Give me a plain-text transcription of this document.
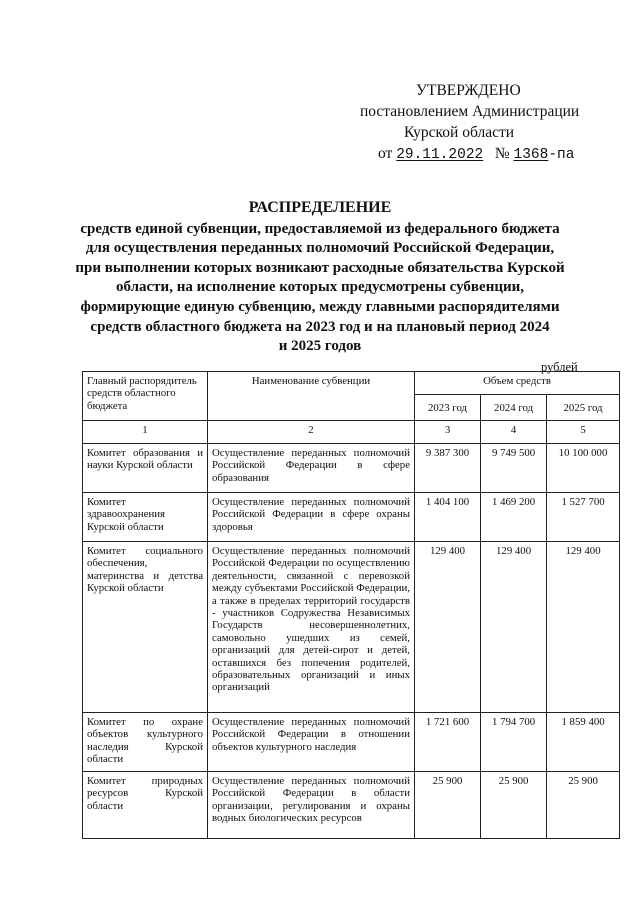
УТВЕРЖДЕНО
постановлением Администрации
Курской области
от 29.11.2022 № 1368-па
РАСПРЕДЕЛЕНИЕ
средств единой субвенции, предоставляемой из федерального бюджета
для осуществления переданных полномочий Российской Федерации,
при выполнении которых возникают расходные обязательства Курской
области, на исполнение которых предусмотрены субвенции,
формирующие единую субвенцию, между главными распорядителями
средств областного бюджета на 2023 год и на плановый период 2024
и 2025 годов
рублей
Главный распорядитель средств областного бюджета	Наименование субвенции	Объем средств		
		2023 год	2024 год	2025 год
1	2	3	4	5
Комитет образования и науки Курской области	Осуществление переданных полномочий Российской Федерации в сфере образования	9 387 300	9 749 500	10 100 000
Комитет здравоохранения Курской области	Осуществление переданных полномочий Российской Федерации в сфере охраны здоровья	1 404 100	1 469 200	1 527 700
Комитет социального обеспечения, материнства и детства Курской области	Осуществление переданных полномочий Российской Федерации по осуществлению деятельности, связанной с перевозкой между субъектами Российской Федерации, а также в пределах территорий государств - участников Содружества Независимых Государств несовершеннолетних, самовольно ушедших из семей, организаций для детей-сирот и детей, оставшихся без попечения родителей, образовательных организаций и иных организаций	129 400	129 400	129 400
Комитет по охране объектов культурного наследия Курской области	Осуществление переданных полномочий Российской Федерации в отношении объектов культурного наследия	1 721 600	1 794 700	1 859 400
Комитет природных ресурсов Курской области	Осуществление переданных полномочий Российской Федерации в области организации, регулирования и охраны водных биологических ресурсов	25 900	25 900	25 900
